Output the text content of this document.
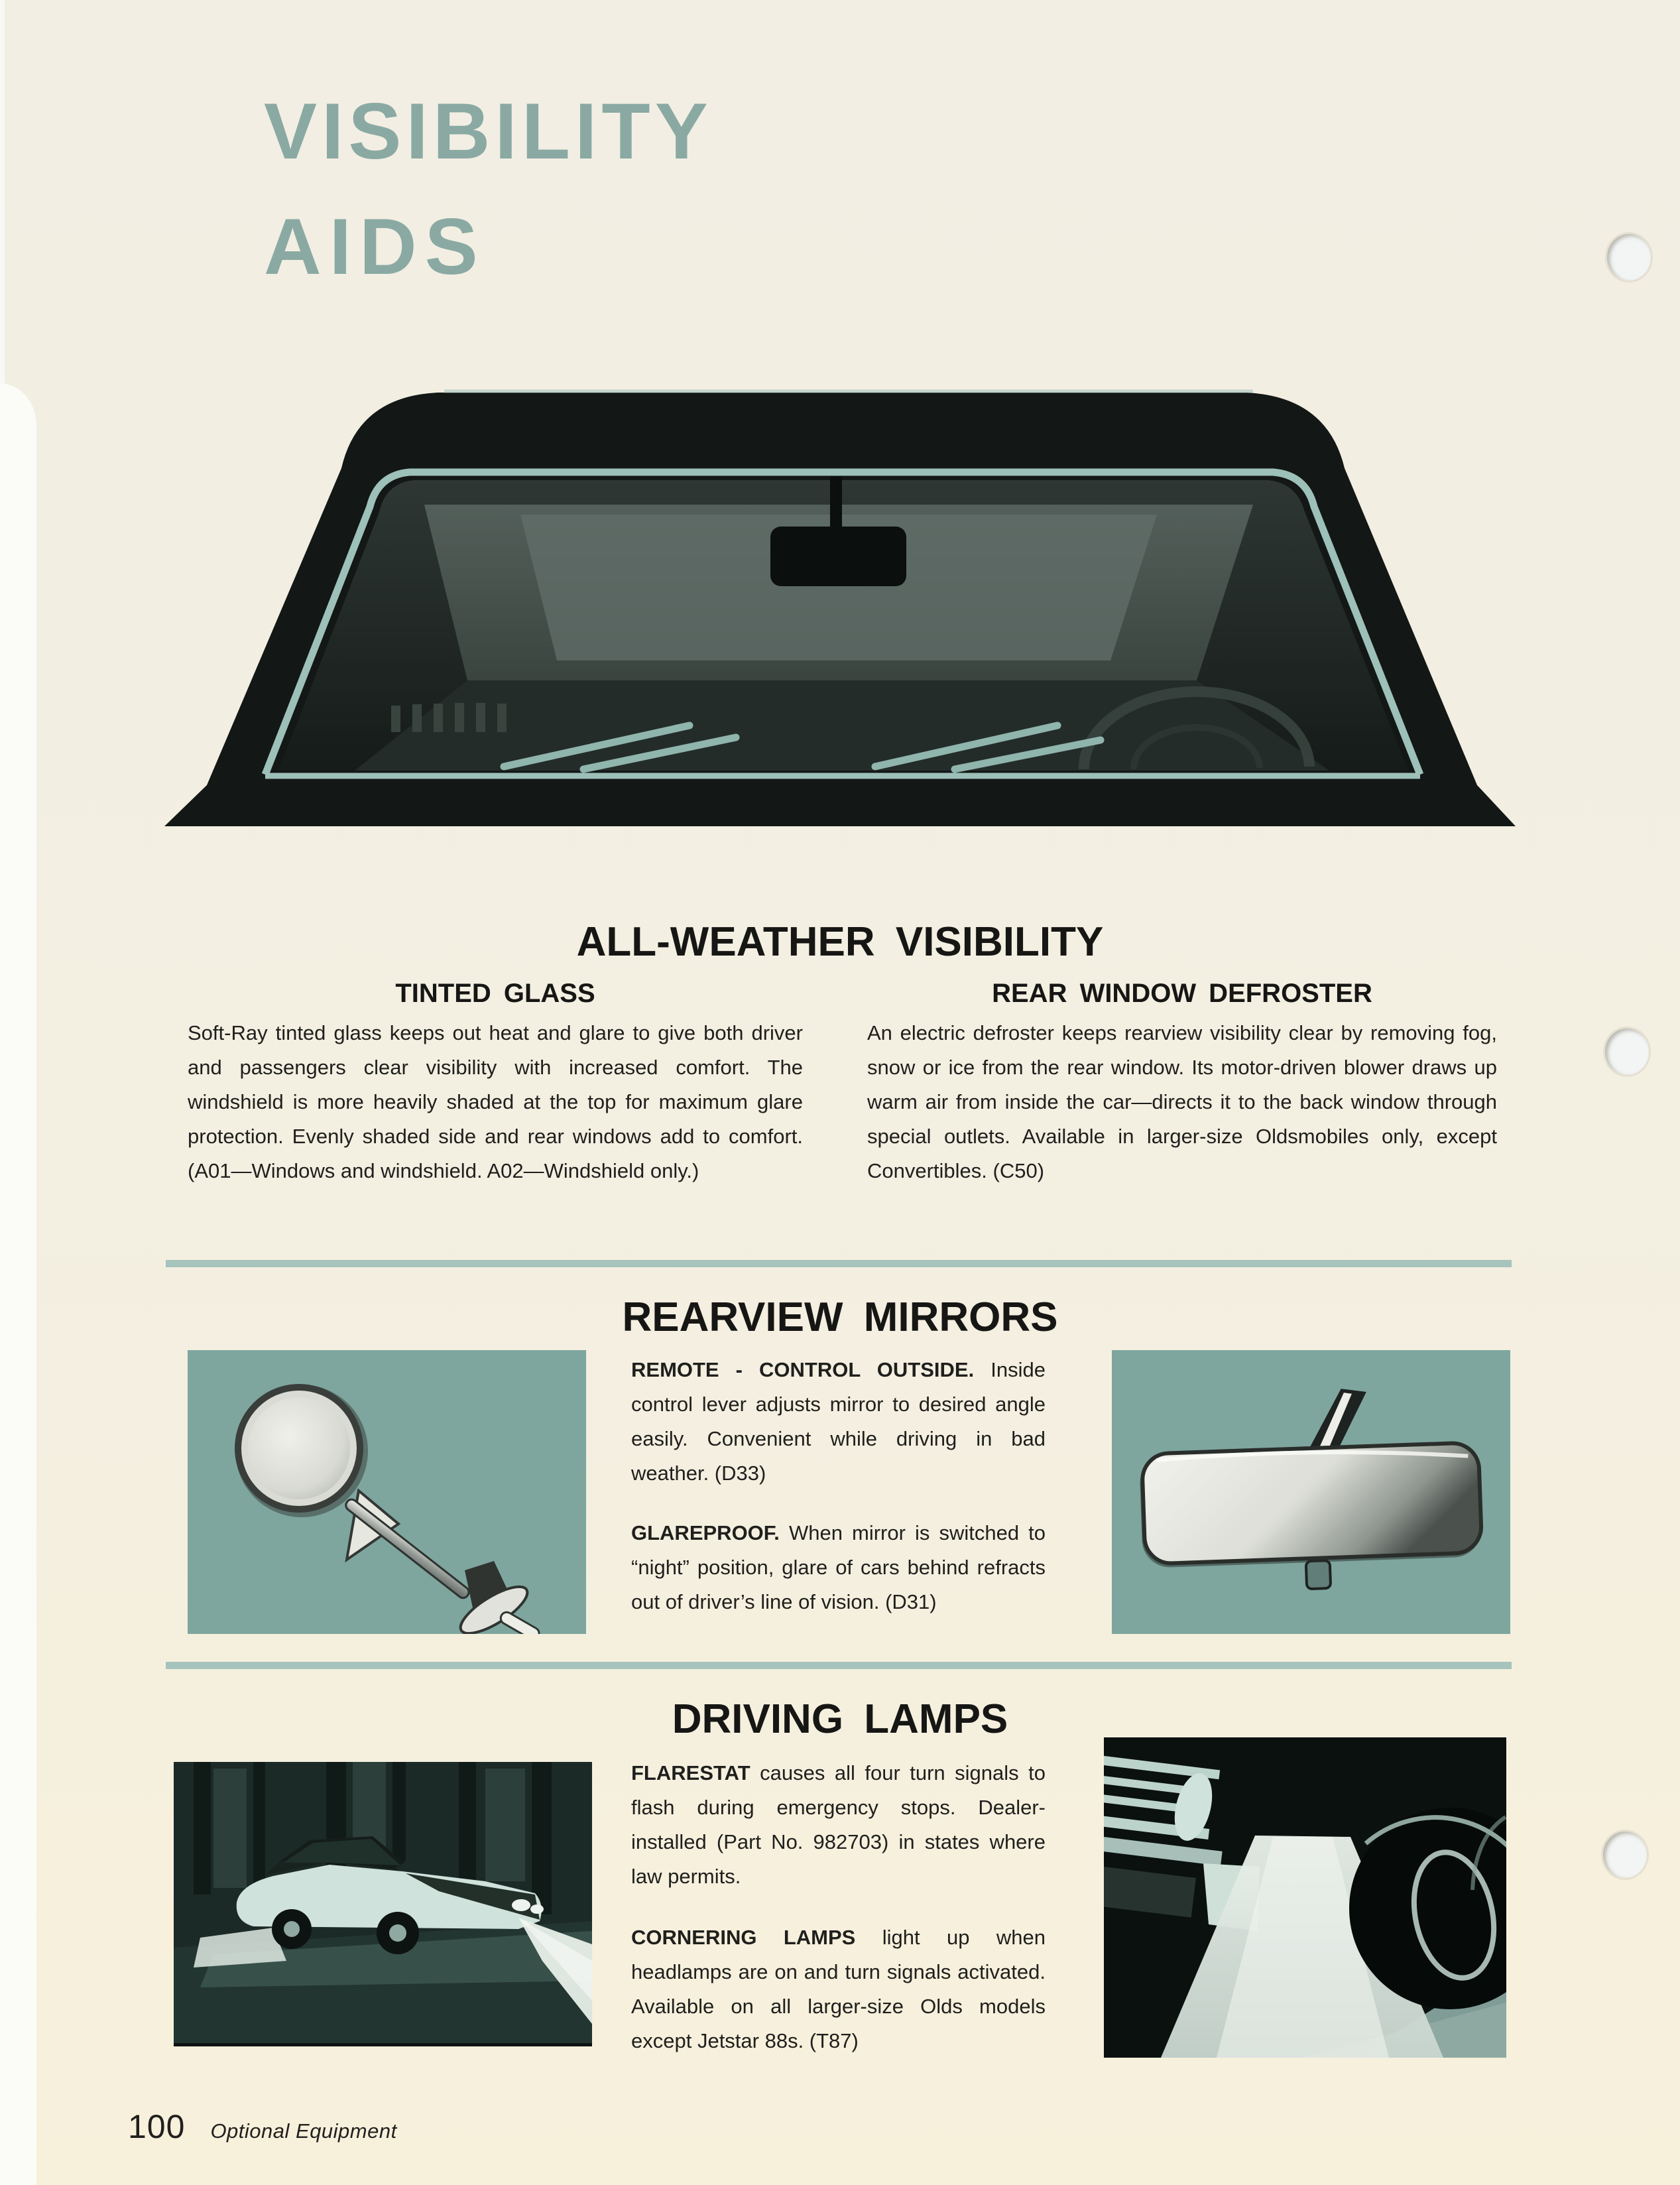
VISIBILITY
AIDS
ALL-WEATHER VISIBILITY
TINTED GLASS

Soft-Ray tinted glass keeps out heat and glare to give both driver and passengers clear visibility with increased comfort. The windshield is more heavily shaded at the top for maximum glare protection. Evenly shaded side and rear windows add to comfort. (A01—Windows and windshield. A02—Windshield only.)

REAR WINDOW DEFROSTER

An electric defroster keeps rearview visibility clear by removing fog, snow or ice from the rear window. Its motor-driven blower draws up warm air from inside the car—directs it to the back window through special outlets. Available in larger-size Oldsmobiles only, except Convertibles. (C50)

REARVIEW MIRRORS

REMOTE - CONTROL OUTSIDE. Inside control lever adjusts mirror to desired angle easily. Convenient while driving in bad weather. (D33)

GLAREPROOF. When mirror is switched to “night” position, glare of cars behind refracts out of driver’s line of vision. (D31)

DRIVING LAMPS

FLARESTAT causes all four turn signals to flash during emergency stops. Dealer-installed (Part No. 982703) in states where law permits.

CORNERING LAMPS light up when headlamps are on and turn signals activated. Available on all larger-size Olds models except Jetstar 88s. (T87)

100 Optional Equipment
